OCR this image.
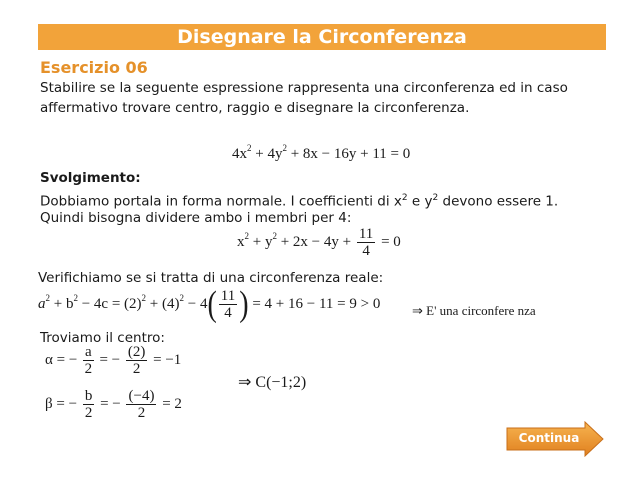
Disegnare la Circonferenza
Esercizio 06
Stabilire se la seguente espressione rappresenta una circonferenza ed in caso
affermativo trovare centro, raggio e disegnare la circonferenza.
$4x^2 + 4y^2 + 8x - 16y + 11 = 0$
Svolgimento:
Dobbiamo portala in forma normale. I coefficienti di $x^2$ e $y^2$ devono essere 1.
Quindi bisogna dividere ambo i membri per 4:
$x^2 + y^2 + 2x - 4y + \frac{11}{4} = 0$
Verifichiamo se si tratta di una circonferenza reale:
$a^2 + b^2 - 4c = (2)^2 + (4)^2 - 4( \frac{11}{4}$ ) = 4 + 16 − 11 = 9 > 0 ⇒ E' una circonfere nza
Troviamo il centro:
α = − $\frac{a}{2}$ = − $\frac{(2)}{2} = -1$
β = − $\frac{b}{2}$ = − $\frac{(-4)}{2} = 2$
⇒ C(−1;2)
Continua
